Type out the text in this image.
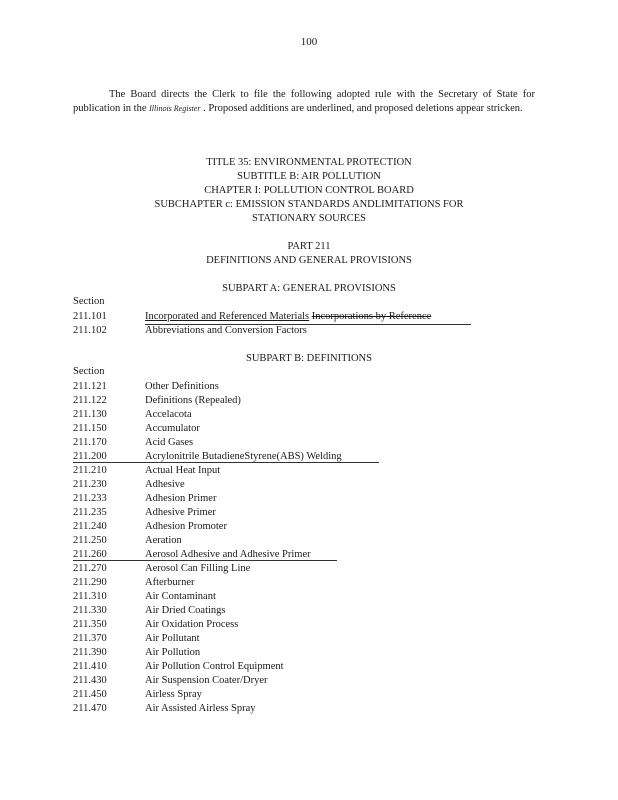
100

The Board directs the Clerk to file the following adopted rule with the Secretary of State for publication in the Illinois Register . Proposed additions are underlined, and proposed deletions appear stricken.

TITLE 35: ENVIRONMENTAL PROTECTION
SUBTITLE B: AIR POLLUTION
CHAPTER I: POLLUTION CONTROL BOARD
SUBCHAPTER c: EMISSION STANDARDS ANDLIMITATIONS FOR
STATIONARY SOURCES
PART 211
DEFINITIONS AND GENERAL PROVISIONS
SUBPART A: GENERAL PROVISIONS
Section
211.101	Incorporated and Referenced Materials Incorporations by Reference
211.102	Abbreviations and Conversion Factors
SUBPART B: DEFINITIONS
Section
211.121	Other Definitions
211.122	Definitions (Repealed)
211.130	Accelacota
211.150	Accumulator
211.170	Acid Gases
211.200	Acrylonitrile ButadieneStyrene(ABS) Welding
211.210	Actual Heat Input
211.230	Adhesive
211.233	Adhesion Primer
211.235	Adhesive Primer
211.240	Adhesion Promoter
211.250	Aeration
211.260	Aerosol Adhesive and Adhesive Primer
211.270	Aerosol Can Filling Line
211.290	Afterburner
211.310	Air Contaminant
211.330	Air Dried Coatings
211.350	Air Oxidation Process
211.370	Air Pollutant
211.390	Air Pollution
211.410	Air Pollution Control Equipment
211.430	Air Suspension Coater/Dryer
211.450	Airless Spray
211.470	Air Assisted Airless Spray
